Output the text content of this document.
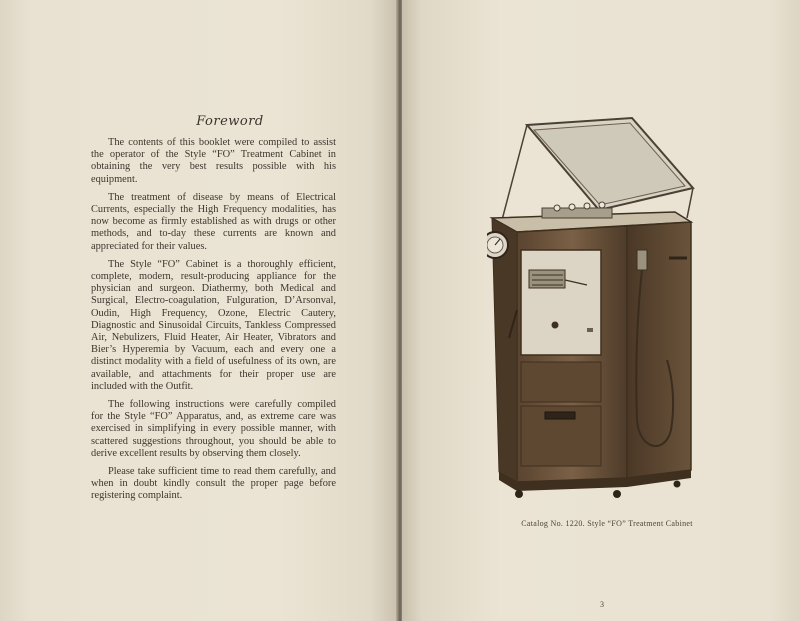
Foreword

The contents of this booklet were compiled to assist the operator of the Style “FO” Treatment Cabinet in obtaining the very best results possible with his equipment.

The treatment of disease by means of Electrical Currents, especially the High Frequency modalities, has now become as firmly established as with drugs or other methods, and to-day these currents are known and appreciated for their values.

The Style “FO” Cabinet is a thoroughly efficient, complete, modern, result-producing appliance for the physician and surgeon. Diathermy, both Medical and Surgical, Electro-coagulation, Fulguration, D’Arsonval, Oudin, High Frequency, Ozone, Electric Cautery, Diagnostic and Sinusoidal Circuits, Tankless Compressed Air, Nebulizers, Fluid Heater, Air Heater, Vibrators and Bier’s Hyperemia by Vacuum, each and every one a distinct modality with a field of usefulness of its own, are available, and attachments for their proper use are included with the Outfit.

The following instructions were carefully compiled for the Style “FO” Apparatus, and, as extreme care was exercised in simplifying in every possible manner, with scattered suggestions throughout, you should be able to derive excellent results by observing them closely.

Please take sufficient time to read them carefully, and when in doubt kindly consult the proper page before registering complaint.

Catalog No. 1220. Style “FO” Treatment Cabinet
3
